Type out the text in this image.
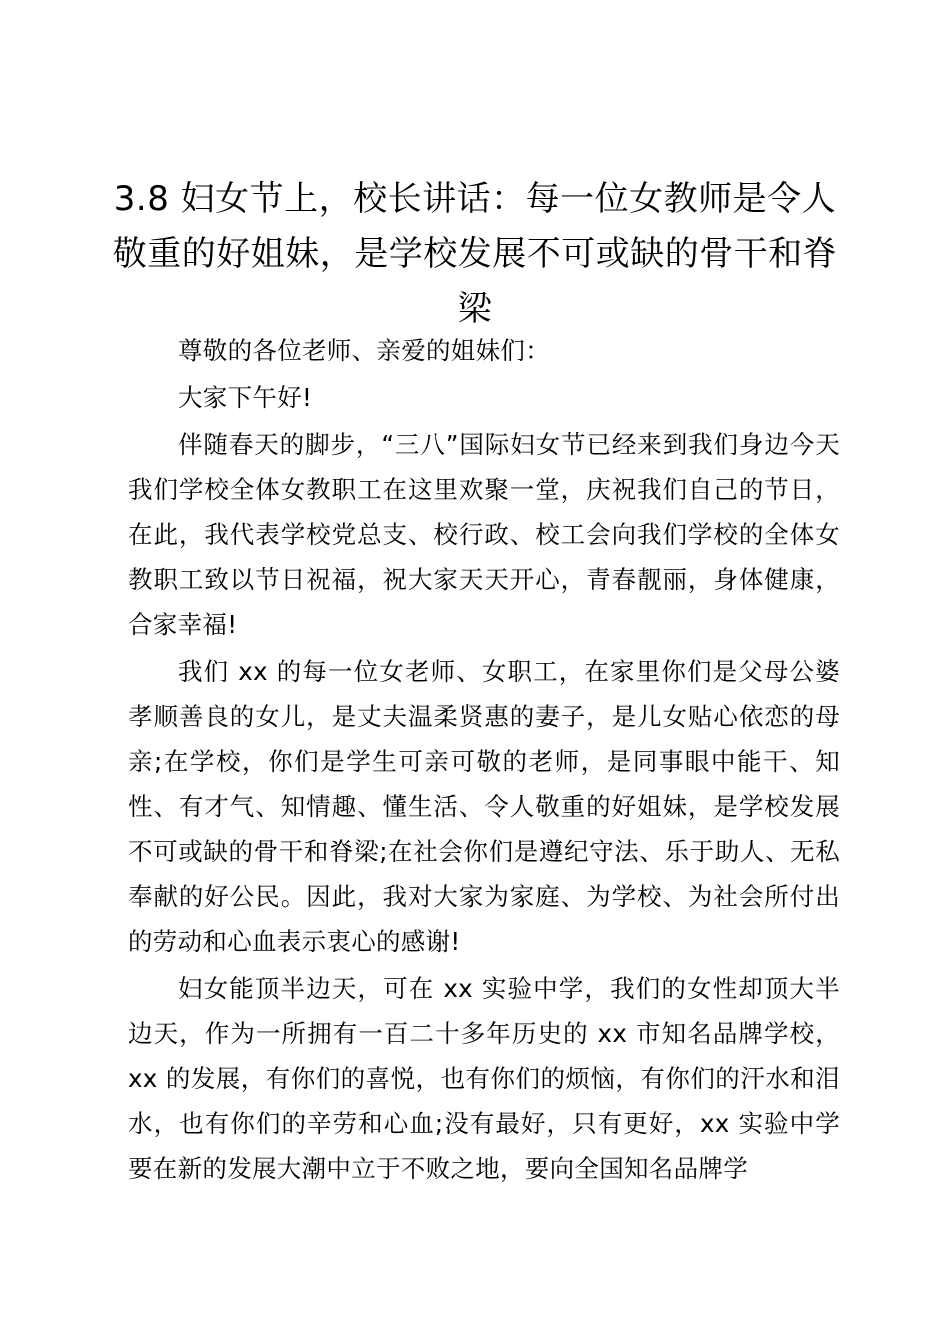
3.8 妇女节上，校长讲话：每一位女教师是令人敬重的好姐妹，是学校发展不可或缺的骨干和脊梁

尊敬的各位老师、亲爱的姐妹们：

大家下午好!

伴随春天的脚步，“三八”国际妇女节已经来到我们身边今天我们学校全体女教职工在这里欢聚一堂，庆祝我们自己的节日，在此，我代表学校党总支、校行政、校工会向我们学校的全体女教职工致以节日祝福，祝大家天天开心，青春靓丽，身体健康，合家幸福!

我们 xx 的每一位女老师、女职工，在家里你们是父母公婆孝顺善良的女儿，是丈夫温柔贤惠的妻子，是儿女贴心依恋的母亲;在学校，你们是学生可亲可敬的老师，是同事眼中能干、知性、有才气、知情趣、懂生活、令人敬重的好姐妹，是学校发展不可或缺的骨干和脊梁;在社会你们是遵纪守法、乐于助人、无私奉献的好公民。因此，我对大家为家庭、为学校、为社会所付出的劳动和心血表示衷心的感谢!

妇女能顶半边天，可在 xx 实验中学，我们的女性却顶大半边天，作为一所拥有一百二十多年历史的 xx 市知名品牌学校，xx 的发展，有你们的喜悦，也有你们的烦恼，有你们的汗水和泪水，也有你们的辛劳和心血;没有最好，只有更好，xx 实验中学要在新的发展大潮中立于不败之地，要向全国知名品牌学
